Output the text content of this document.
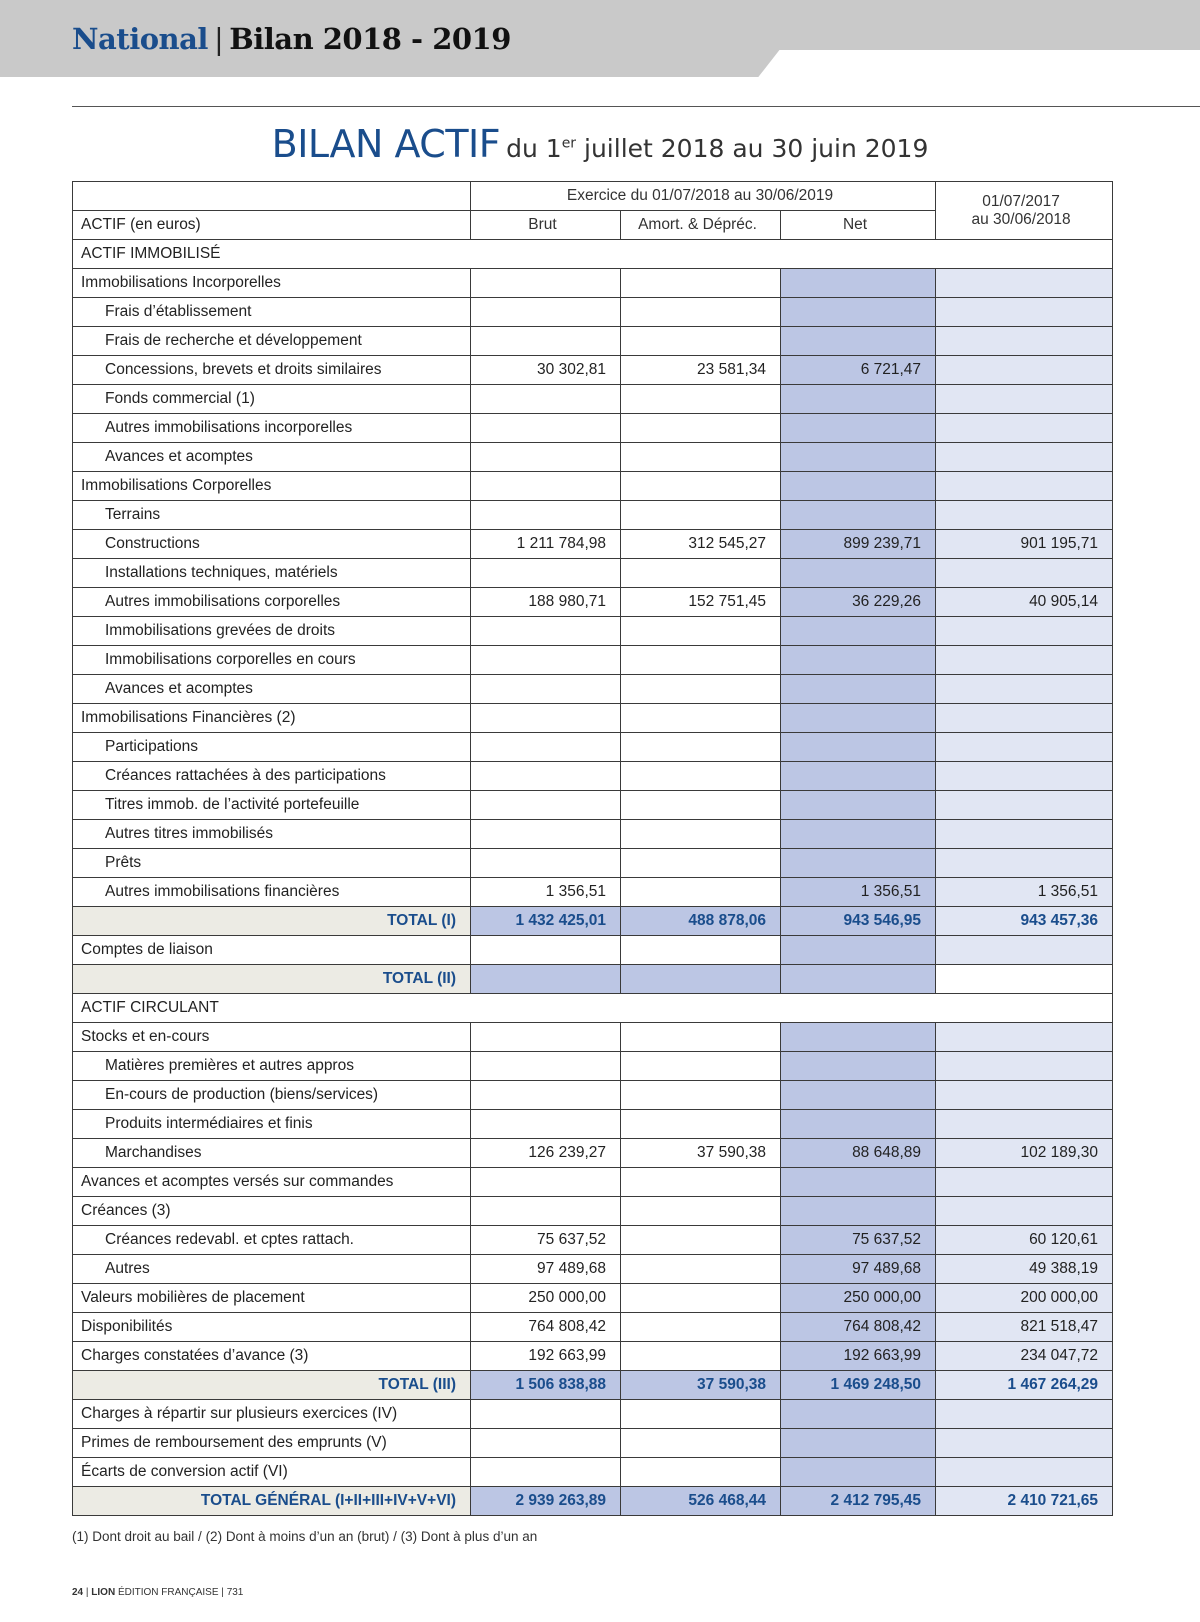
National | Bilan 2018 - 2019
BILAN ACTIF du 1er juillet 2018 au 30 juin 2019
	Exercice du 01/07/2018 au 30/06/2019			01/07/2017
au 30/06/2018

ACTIF (en euros)	Brut	Amort. & Dépréc.	Net	
ACTIF IMMOBILISÉ				
Immobilisations Incorporelles				
Frais d’établissement				
Frais de recherche et développement				
Concessions, brevets et droits similaires	30 302,81	23 581,34	6 721,47	
Fonds commercial (1)				
Autres immobilisations incorporelles				
Avances et acomptes				
Immobilisations Corporelles				
Terrains				
Constructions	1 211 784,98	312 545,27	899 239,71	901 195,71
Installations techniques, matériels				
Autres immobilisations corporelles	188 980,71	152 751,45	36 229,26	40 905,14
Immobilisations grevées de droits				
Immobilisations corporelles en cours				
Avances et acomptes				
Immobilisations Financières (2)				
Participations				
Créances rattachées à des participations				
Titres immob. de l’activité portefeuille				
Autres titres immobilisés				
Prêts				
Autres immobilisations financières	1 356,51		1 356,51	1 356,51
TOTAL (I)	1 432 425,01	488 878,06	943 546,95	943 457,36
Comptes de liaison				
TOTAL (II)				
ACTIF CIRCULANT				
Stocks et en-cours				
Matières premières et autres appros				
En-cours de production (biens/services)				
Produits intermédiaires et finis				
Marchandises	126 239,27	37 590,38	88 648,89	102 189,30
Avances et acomptes versés sur commandes				
Créances (3)				
Créances redevabl. et cptes rattach.	75 637,52		75 637,52	60 120,61
Autres	97 489,68		97 489,68	49 388,19
Valeurs mobilières de placement	250 000,00		250 000,00	200 000,00
Disponibilités	764 808,42		764 808,42	821 518,47
Charges constatées d’avance (3)	192 663,99		192 663,99	234 047,72
TOTAL (III)	1 506 838,88	37 590,38	1 469 248,50	1 467 264,29
Charges à répartir sur plusieurs exercices (IV)				
Primes de remboursement des emprunts (V)				
Écarts de conversion actif (VI)				
TOTAL GÉNÉRAL (I+II+III+IV+V+VI)	2 939 263,89	526 468,44	2 412 795,45	2 410 721,65
(1) Dont droit au bail / (2) Dont à moins d’un an (brut) / (3) Dont à plus d’un an
24 | LION ÉDITION FRANÇAISE | 731
